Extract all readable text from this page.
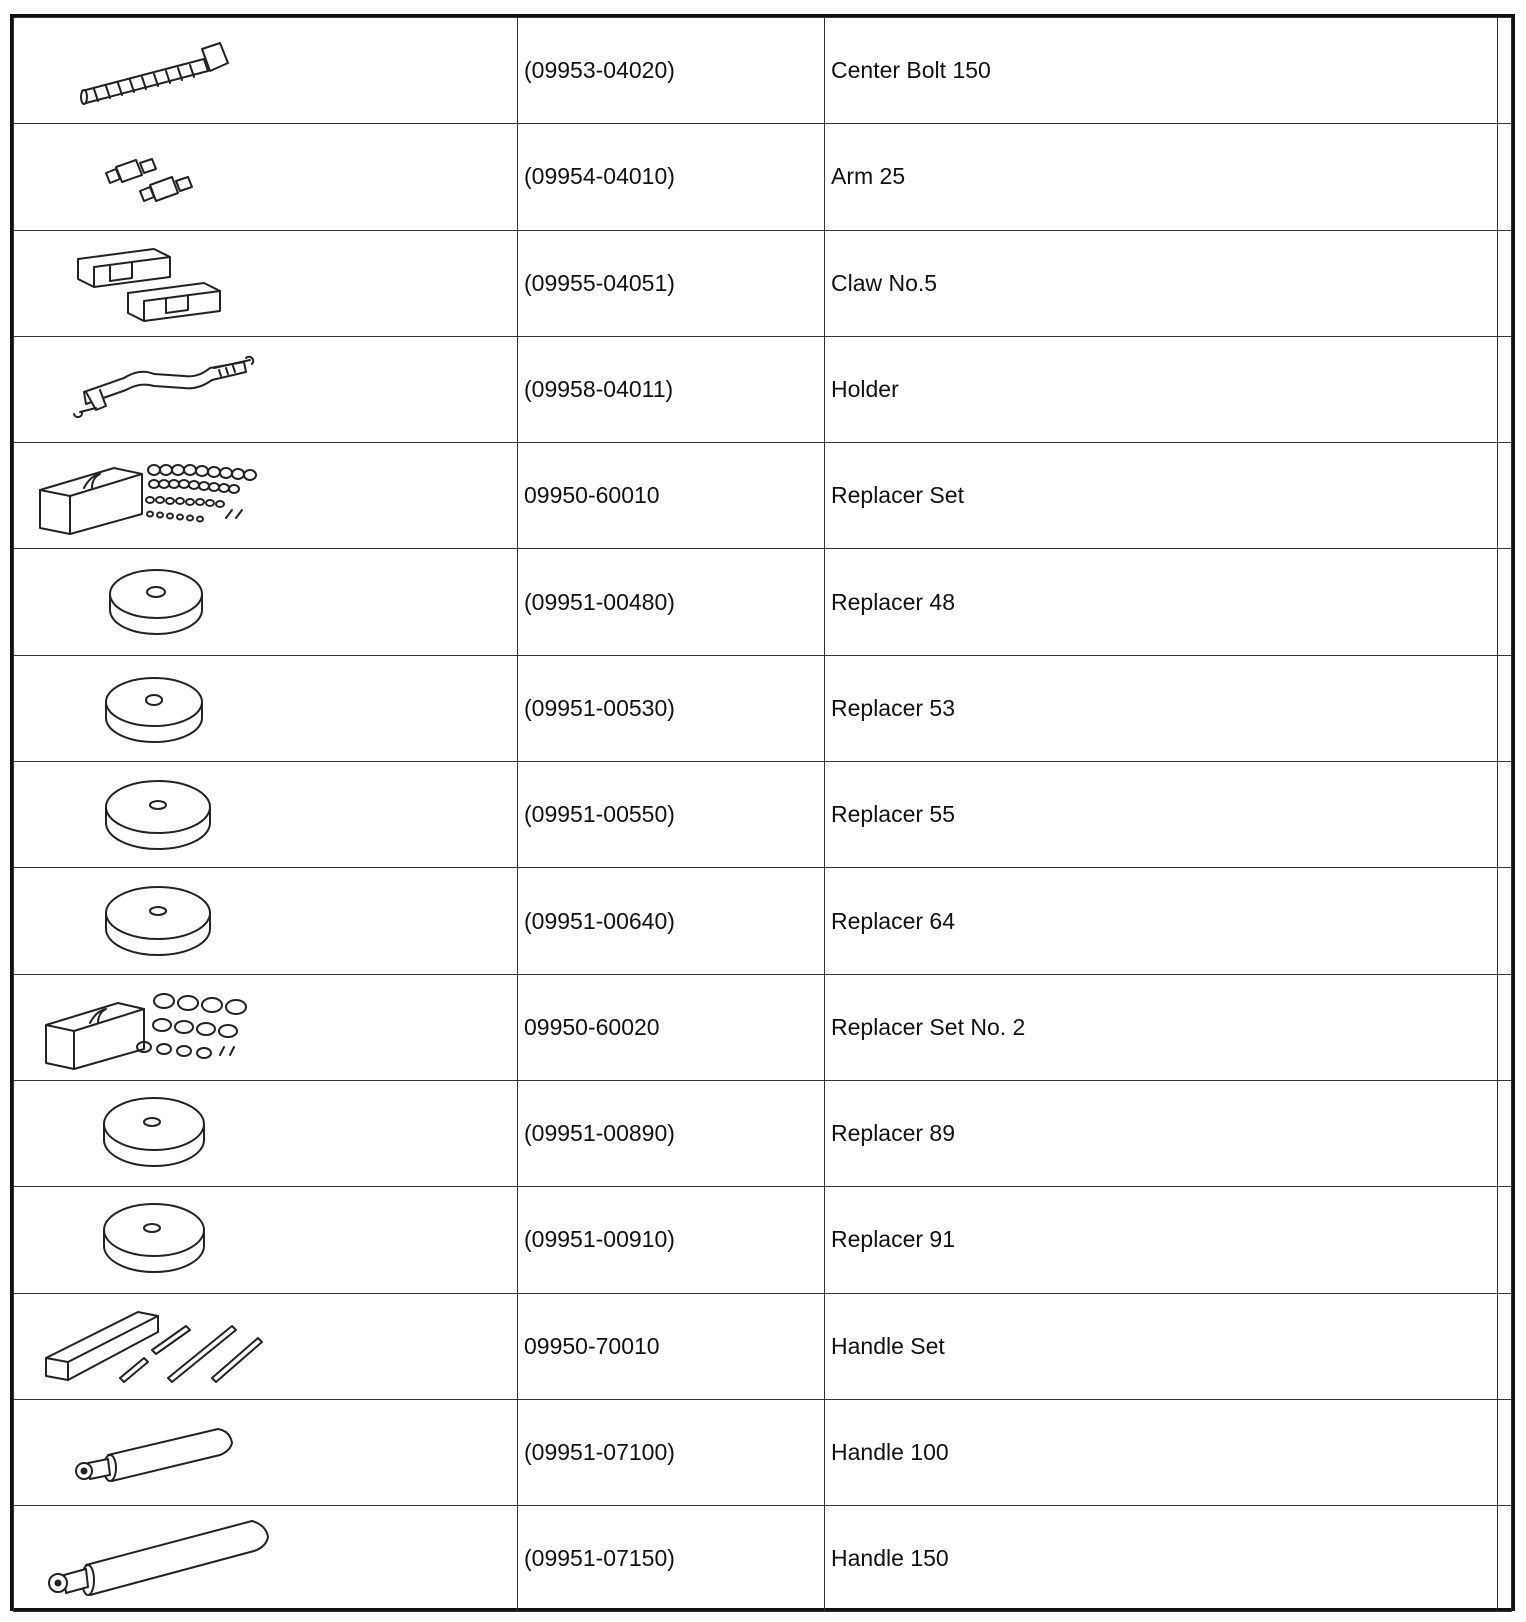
	(09953-04020)	Center Bolt 150	

	(09954-04010)	Arm 25	

	(09955-04051)	Claw No.5	

	(09958-04011)	Holder	

	09950-60010	Replacer Set	

	(09951-00480)	Replacer 48	

	(09951-00530)	Replacer 53	

	(09951-00550)	Replacer 55	

	(09951-00640)	Replacer 64	

	09950-60020	Replacer Set No. 2	

	(09951-00890)	Replacer 89	

	(09951-00910)	Replacer 91	

	09950-70010	Handle Set	

	(09951-07100)	Handle 100	

	(09951-07150)	Handle 150	
